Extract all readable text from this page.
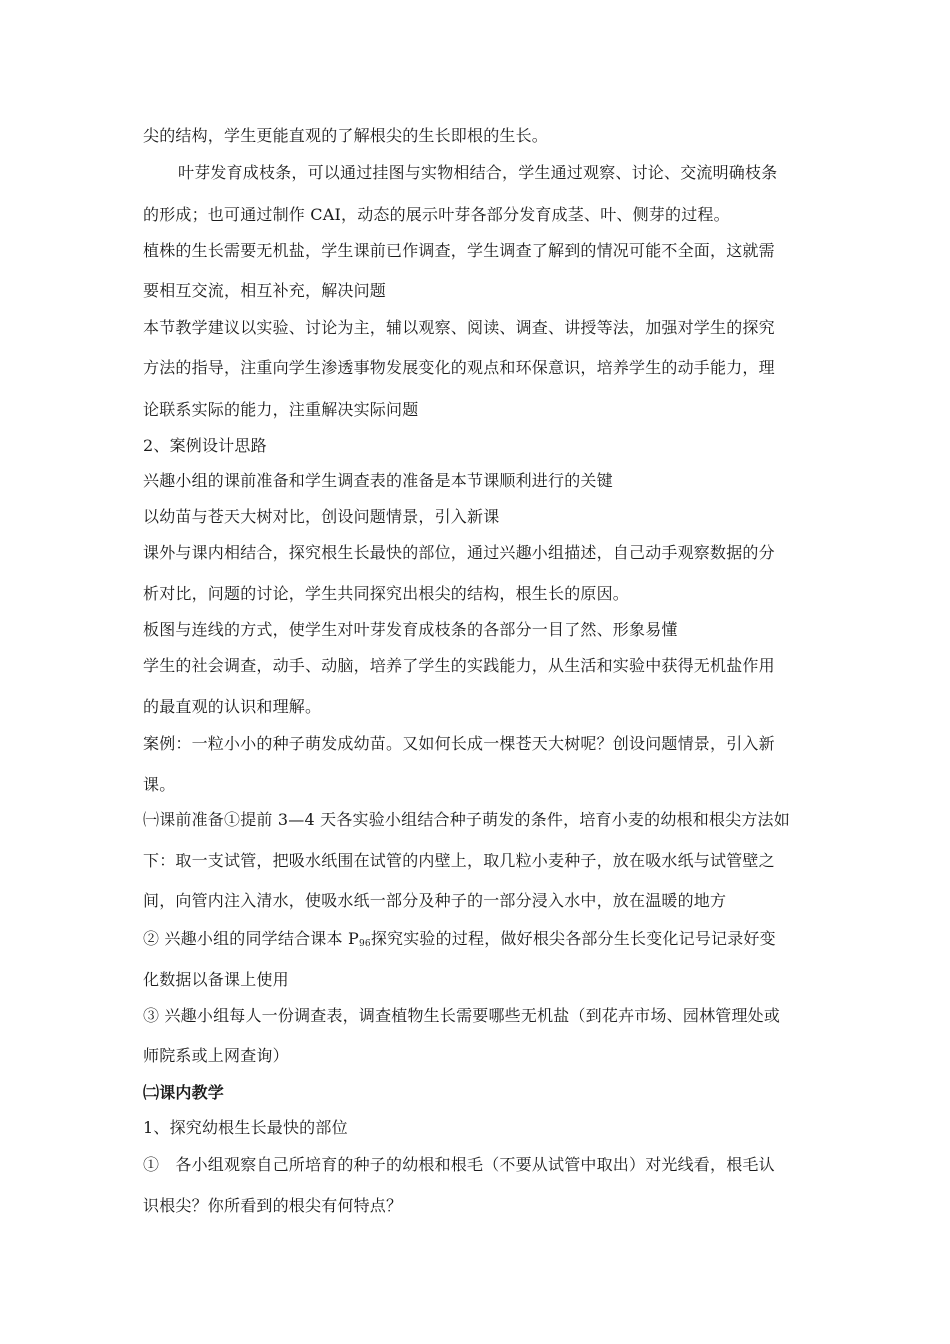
尖的结构，学生更能直观的了解根尖的生长即根的生长。
叶芽发育成枝条，可以通过挂图与实物相结合，学生通过观察、讨论、交流明确枝条
的形成；也可通过制作 CAI，动态的展示叶芽各部分发育成茎、叶、侧芽的过程。
植株的生长需要无机盐，学生课前已作调查，学生调查了解到的情况可能不全面，这就需
要相互交流，相互补充，解决问题
本节教学建议以实验、讨论为主，辅以观察、阅读、调查、讲授等法，加强对学生的探究
方法的指导，注重向学生渗透事物发展变化的观点和环保意识，培养学生的动手能力，理
论联系实际的能力，注重解决实际问题
2、案例设计思路
兴趣小组的课前准备和学生调查表的准备是本节课顺利进行的关键
以幼苗与苍天大树对比，创设问题情景，引入新课
课外与课内相结合，探究根生长最快的部位，通过兴趣小组描述，自己动手观察数据的分
析对比，问题的讨论，学生共同探究出根尖的结构，根生长的原因。
板图与连线的方式，使学生对叶芽发育成枝条的各部分一目了然、形象易懂
学生的社会调查，动手、动脑，培养了学生的实践能力，从生活和实验中获得无机盐作用
的最直观的认识和理解。
案例：一粒小小的种子萌发成幼苗。又如何长成一棵苍天大树呢？创设问题情景，引入新
课。
㈠课前准备①提前 3—4 天各实验小组结合种子萌发的条件，培育小麦的幼根和根尖方法如
下：取一支试管，把吸水纸围在试管的内壁上，取几粒小麦种子，放在吸水纸与试管壁之
间，向管内注入清水，使吸水纸一部分及种子的一部分浸入水中，放在温暖的地方
② 兴趣小组的同学结合课本 $P_{96}$探究实验的过程，做好根尖各部分生长变化记号记录好变
化数据以备课上使用
③ 兴趣小组每人一份调查表，调查植物生长需要哪些无机盐（到花卉市场、园林管理处或
师院系或上网查询）
㈡课内教学
1、探究幼根生长最快的部位
①　各小组观察自己所培育的种子的幼根和根毛（不要从试管中取出）对光线看，根毛认
识根尖？你所看到的根尖有何特点？
